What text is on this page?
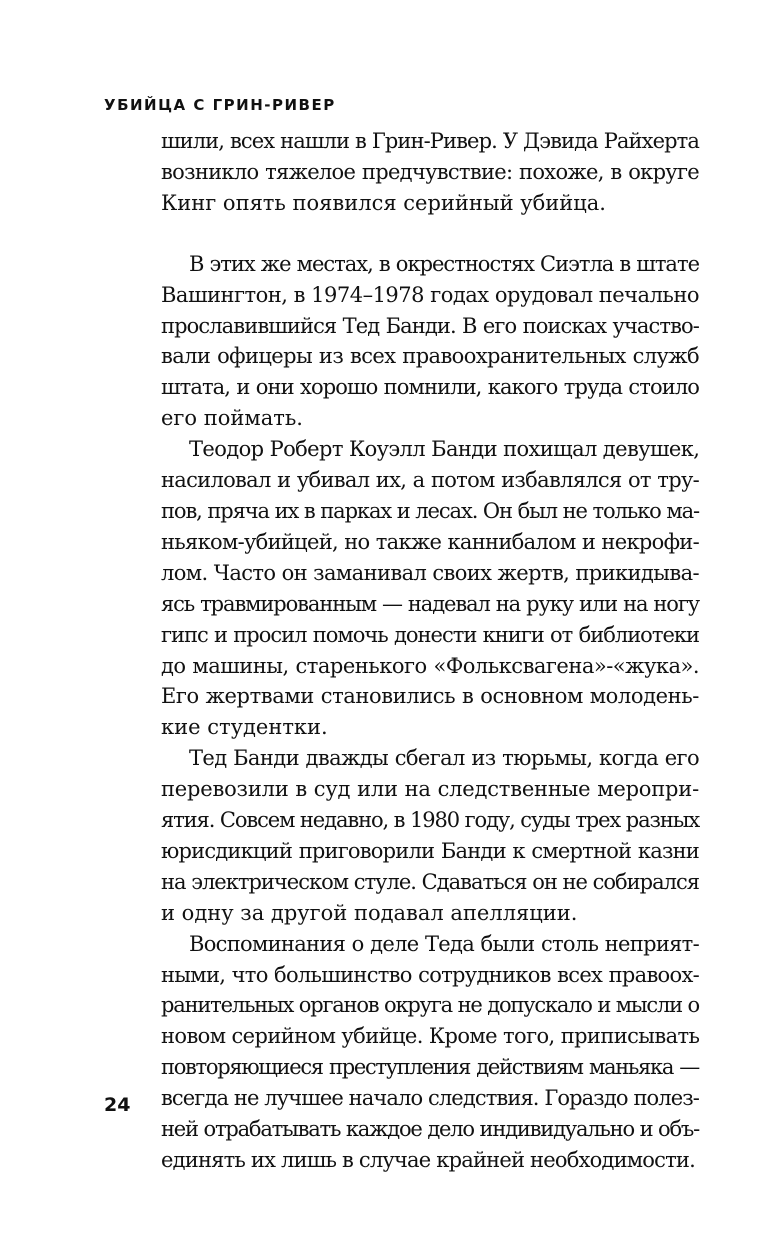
УБИЙЦА С ГРИН-РИВЕР

шили, всех нашли в Грин-Ривер. У Дэвида Райхерта
возникло тяжелое предчувствие: похоже, в округе
Кинг опять появился серийный убийца.

В этих же местах, в окрестностях Сиэтла в штате
Вашингтон, в 1974–1978 годах орудовал печально
прославившийся Тед Банди. В его поисках участво-
вали офицеры из всех правоохранительных служб
штата, и они хорошо помнили, какого труда стоило
его поймать.

Теодор Роберт Коуэлл Банди похищал девушек,
насиловал и убивал их, а потом избавлялся от тру-
пов, пряча их в парках и лесах. Он был не только ма-
ньяком-убийцей, но также каннибалом и некрофи-
лом. Часто он заманивал своих жертв, прикидыва-
ясь травмированным — надевал на руку или на ногу
гипс и просил помочь донести книги от библиотеки
до машины, старенького «Фольксвагена»-«жука».
Его жертвами становились в основном молодень-
кие студентки.

Тед Банди дважды сбегал из тюрьмы, когда его
перевозили в суд или на следственные меропри-
ятия. Совсем недавно, в 1980 году, суды трех разных
юрисдикций приговорили Банди к смертной казни
на электрическом стуле. Сдаваться он не собирался
и одну за другой подавал апелляции.

Воспоминания о деле Теда были столь неприят-
ными, что большинство сотрудников всех правоох-
ранительных органов округа не допускало и мысли о
новом серийном убийце. Кроме того, приписывать
повторяющиеся преступления действиям маньяка —
всегда не лучшее начало следствия. Гораздо полез-
ней отрабатывать каждое дело индивидуально и объ-
единять их лишь в случае крайней необходимости.

24
